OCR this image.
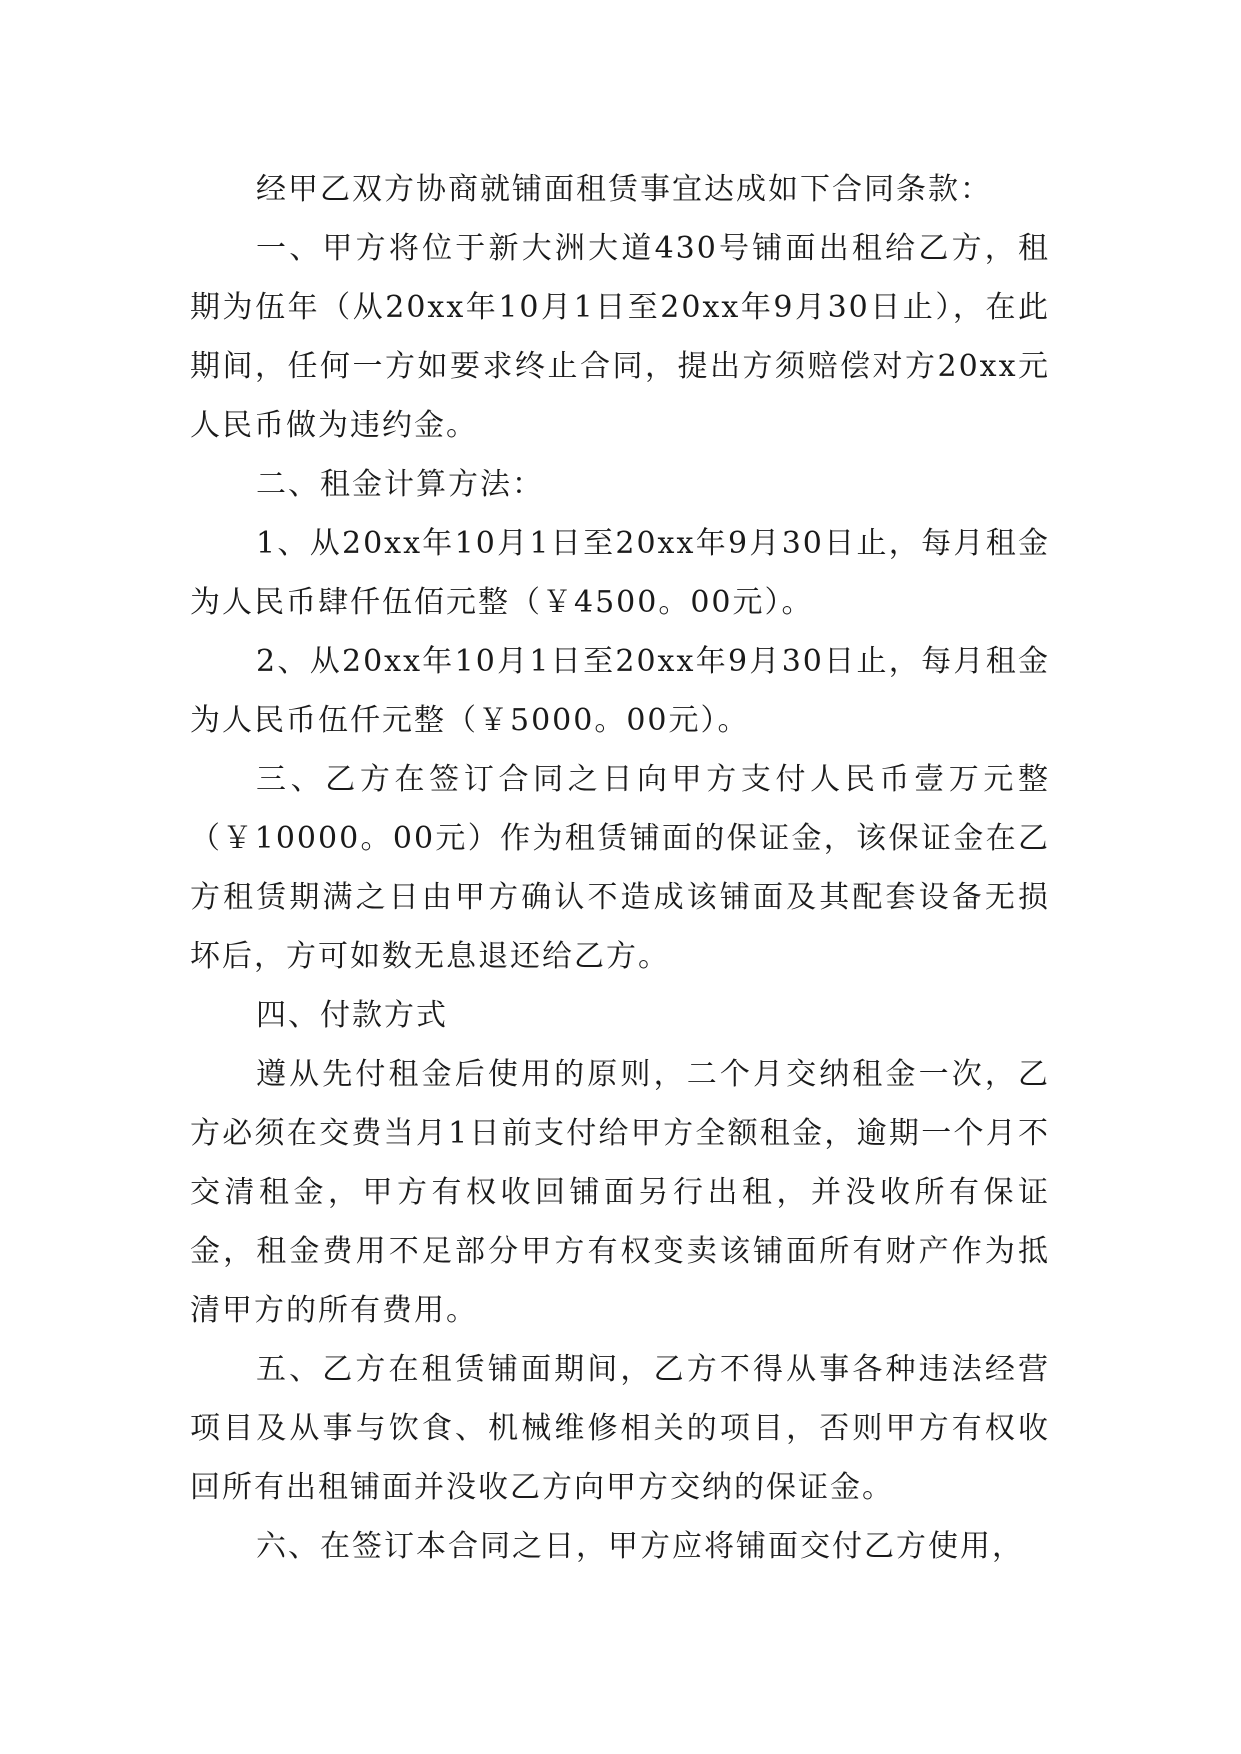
经甲乙双方协商就铺面租赁事宜达成如下合同条款：

一、甲方将位于新大洲大道430号铺面出租给乙方，租期为伍年（从20xx年10月1日至20xx年9月30日止），在此期间，任何一方如要求终止合同，提出方须赔偿对方20xx元人民币做为违约金。

二、租金计算方法：

1、从20xx年10月1日至20xx年9月30日止，每月租金为人民币肆仟伍佰元整（￥4500。00元）。

2、从20xx年10月1日至20xx年9月30日止，每月租金为人民币伍仟元整（￥5000。00元）。

三、乙方在签订合同之日向甲方支付人民币壹万元整（￥10000。00元）作为租赁铺面的保证金，该保证金在乙方租赁期满之日由甲方确认不造成该铺面及其配套设备无损坏后，方可如数无息退还给乙方。

四、付款方式

遵从先付租金后使用的原则，二个月交纳租金一次，乙方必须在交费当月1日前支付给甲方全额租金，逾期一个月不交清租金，甲方有权收回铺面另行出租，并没收所有保证金，租金费用不足部分甲方有权变卖该铺面所有财产作为抵清甲方的所有费用。

五、乙方在租赁铺面期间，乙方不得从事各种违法经营项目及从事与饮食、机械维修相关的项目，否则甲方有权收回所有出租铺面并没收乙方向甲方交纳的保证金。

六、在签订本合同之日，甲方应将铺面交付乙方使用，
